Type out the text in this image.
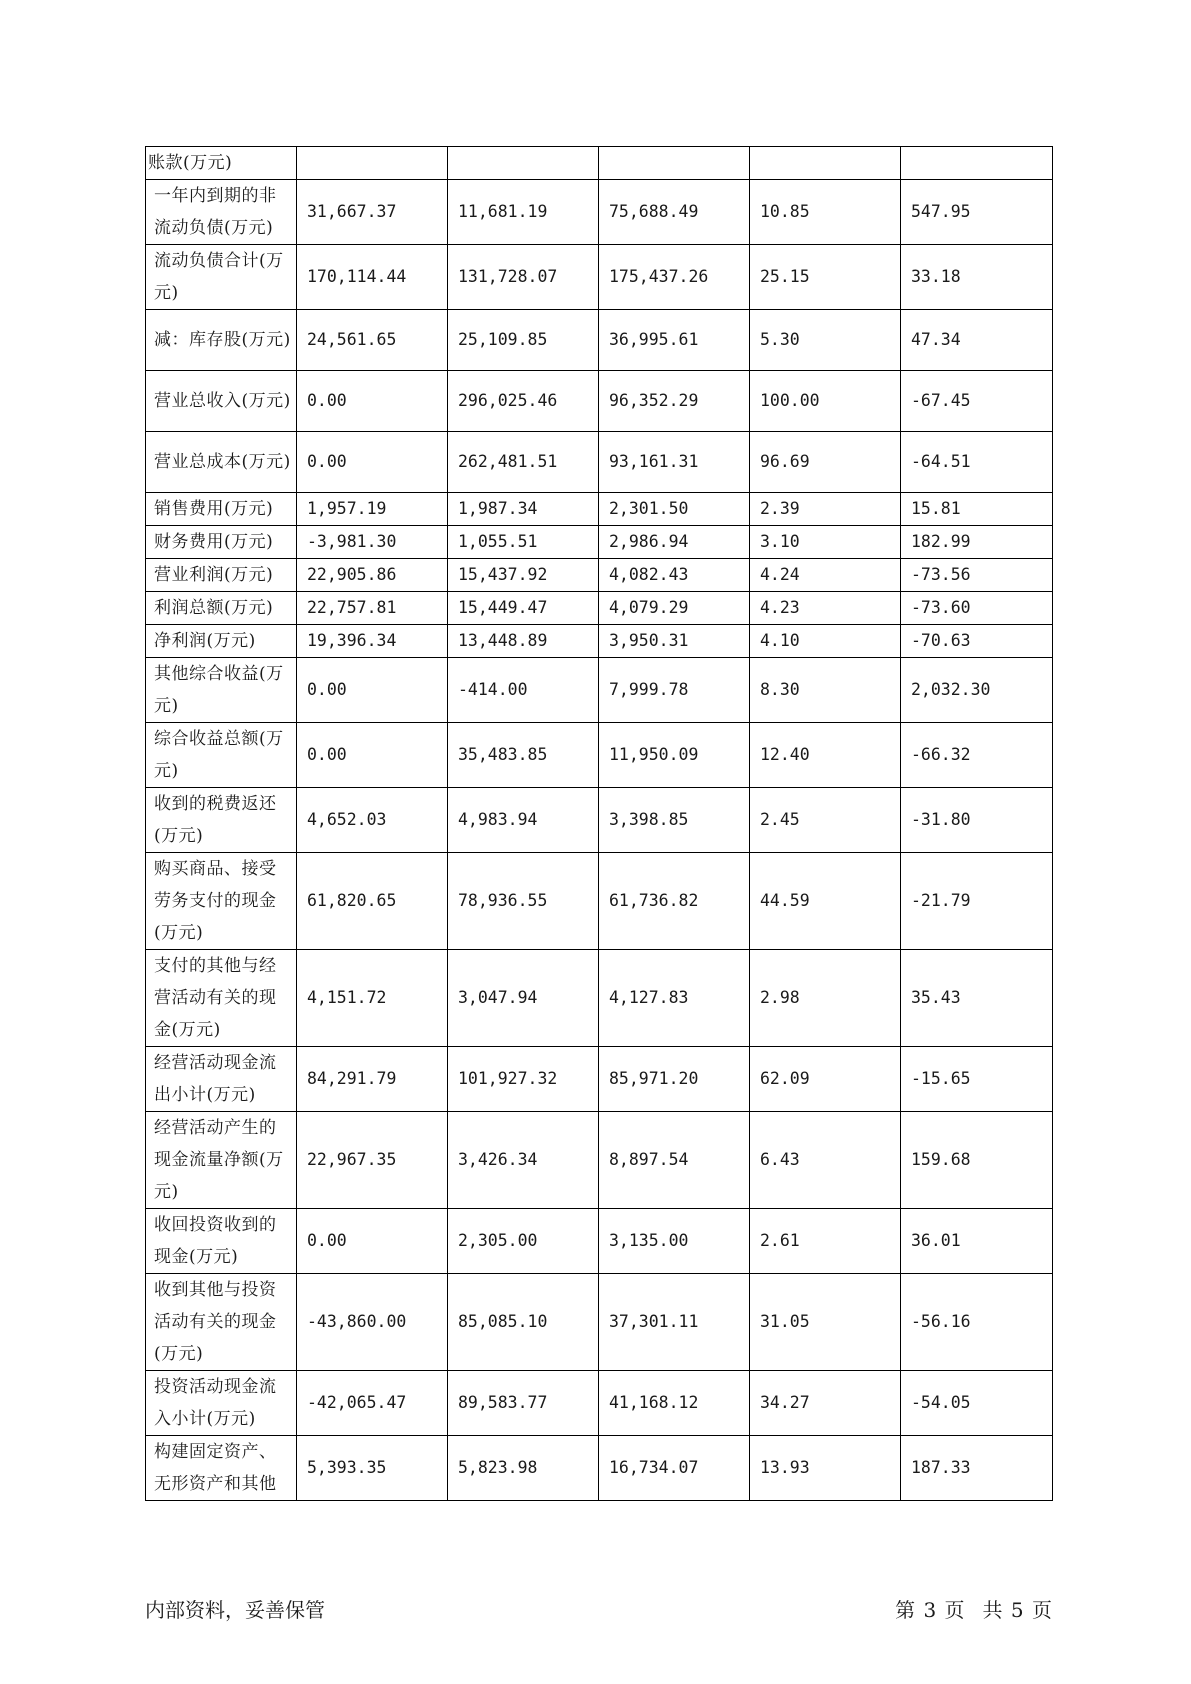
账款(万元)					
一年内到期的非流动负债(万元)	31,667.37	11,681.19	75,688.49	10.85	547.95
流动负债合计(万元)	170,114.44	131,728.07	175,437.26	25.15	33.18
减：库存股(万元)	24,561.65	25,109.85	36,995.61	5.30	47.34
营业总收入(万元)	0.00	296,025.46	96,352.29	100.00	-67.45
营业总成本(万元)	0.00	262,481.51	93,161.31	96.69	-64.51
销售费用(万元)	1,957.19	1,987.34	2,301.50	2.39	15.81
财务费用(万元)	-3,981.30	1,055.51	2,986.94	3.10	182.99
营业利润(万元)	22,905.86	15,437.92	4,082.43	4.24	-73.56
利润总额(万元)	22,757.81	15,449.47	4,079.29	4.23	-73.60
净利润(万元)	19,396.34	13,448.89	3,950.31	4.10	-70.63
其他综合收益(万元)	0.00	-414.00	7,999.78	8.30	2,032.30
综合收益总额(万元)	0.00	35,483.85	11,950.09	12.40	-66.32
收到的税费返还(万元)	4,652.03	4,983.94	3,398.85	2.45	-31.80
购买商品、接受劳务支付的现金(万元)	61,820.65	78,936.55	61,736.82	44.59	-21.79
支付的其他与经营活动有关的现金(万元)	4,151.72	3,047.94	4,127.83	2.98	35.43
经营活动现金流出小计(万元)	84,291.79	101,927.32	85,971.20	62.09	-15.65
经营活动产生的现金流量净额(万元)	22,967.35	3,426.34	8,897.54	6.43	159.68
收回投资收到的现金(万元)	0.00	2,305.00	3,135.00	2.61	36.01
收到其他与投资活动有关的现金(万元)	-43,860.00	85,085.10	37,301.11	31.05	-56.16
投资活动现金流入小计(万元)	-42,065.47	89,583.77	41,168.12	34.27	-54.05
构建固定资产、无形资产和其他	5,393.35	5,823.98	16,734.07	13.93	187.33
内部资料，妥善保管	第 3 页 共 5 页
